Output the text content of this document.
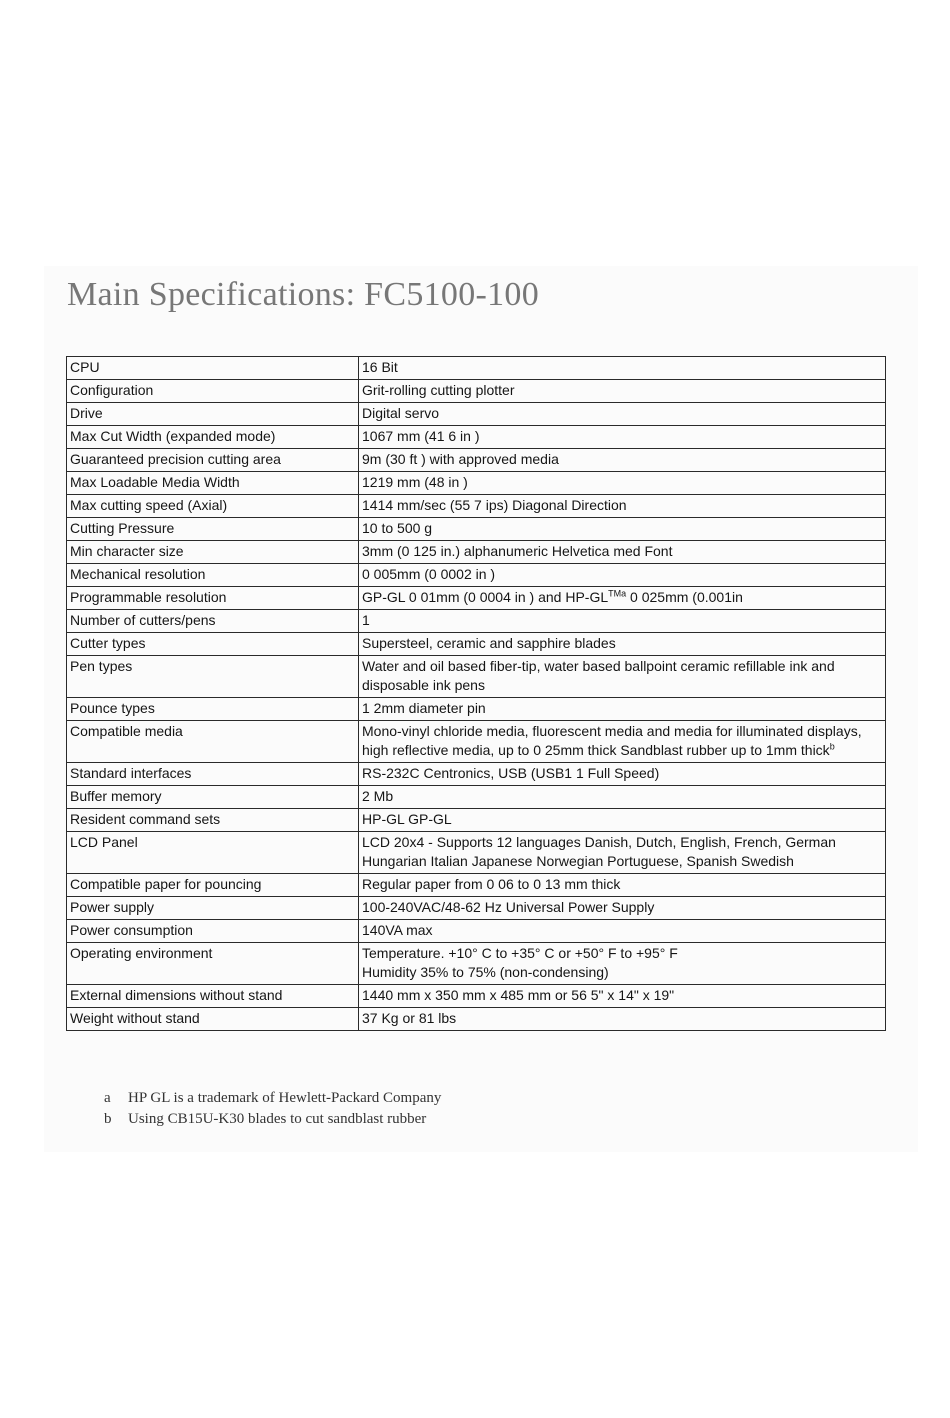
Main Specifications: FC5100-100
CPU	16 Bit
Configuration	Grit-rolling cutting plotter
Drive	Digital servo
Max Cut Width (expanded mode)	1067 mm (41 6 in )
Guaranteed precision cutting area	9m (30 ft ) with approved media
Max Loadable Media Width	1219 mm (48 in )
Max cutting speed (Axial)	1414 mm/sec (55 7 ips) Diagonal Direction
Cutting Pressure	10 to 500 g
Min character size	3mm (0 125 in.) alphanumeric Helvetica med Font
Mechanical resolution	0 005mm (0 0002 in )
Programmable resolution	GP-GL 0 01mm (0 0004 in ) and $HP-GL^{TMa}$ 0 025mm (0.001in
Number of cutters/pens	1
Cutter types	Supersteel, ceramic and sapphire blades
Pen types	Water and oil based fiber-tip, water based ballpoint ceramic refillable ink and disposable ink pens
Pounce types	1 2mm diameter pin
Compatible media	Mono-vinyl chloride media, fluorescent media and media for illuminated displays, high reflective media, up to 0 25mm thick Sandblast rubber up to 1mm thick$^b$
Standard interfaces	RS-232C Centronics, USB (USB1 1 Full Speed)
Buffer memory	2 Mb
Resident command sets	HP-GL GP-GL
LCD Panel	LCD 20x4 - Supports 12 languages Danish, Dutch, English, French, German Hungarian Italian Japanese Norwegian Portuguese, Spanish Swedish
Compatible paper for pouncing	Regular paper from 0 06 to 0 13 mm thick
Power supply	100-240VAC/48-62 Hz Universal Power Supply
Power consumption	140VA max
Operating environment	Temperature. +10° C to +35° C or +50° F to +95° F
Humidity 35% to 75% (non-condensing)
External dimensions without stand	1440 mm x 350 mm x 485 mm or 56 5" x 14" x 19"
Weight without stand	37 Kg or 81 lbs
a HP GL is a trademark of Hewlett-Packard Company
b Using CB15U-K30 blades to cut sandblast rubber
